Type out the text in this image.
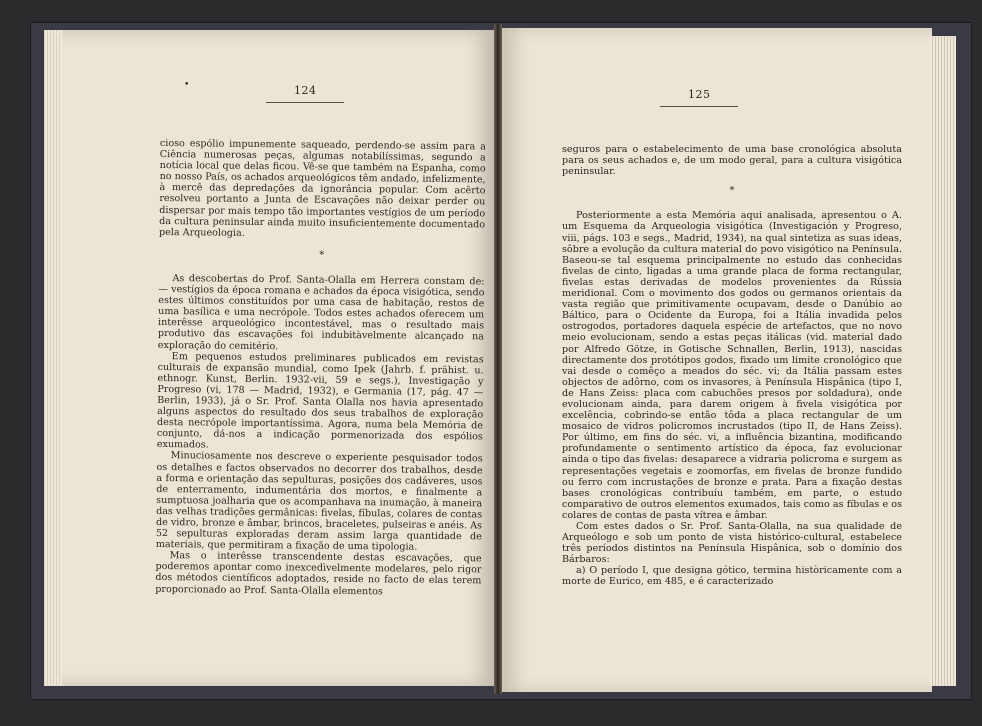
•	124

cioso espólio impunemente saqueado, perdendo-se assim para a Ciência numerosas peças, algumas notabilíssimas, segundo a notícia local que delas ficou. Vê-se que também na Espanha, como no nosso País, os achados arqueológicos têm andado, infelizmente, à mercê das depredações da ignorância popular. Com acêrto resolveu portanto a Junta de Escavações não deixar perder ou dispersar por mais tempo tão importantes vestígios de um período da cultura peninsular ainda muito insuficientemente documentado pela Arqueologia.

*

As descobertas do Prof. Santa-Olalla em Herrera constam de: — vestígios da época romana e achados da época visigótica, sendo estes últimos constituídos por uma casa de habitação, restos de uma basílica e uma necrópole. Todos estes achados oferecem um interêsse arqueológico incontestável, mas o resultado mais produtivo das escavações foi indubitàvelmente alcançado na exploração do cemitério.

Em pequenos estudos preliminares publicados em revistas culturais de expansão mundial, como Ipek (Jahrb. f. prähist. u. ethnogr. Kunst, Berlin. 1932-vii, 59 e segs.), Investigação y Progreso (vi, 178 — Madrid, 1932), e Germania (17, pág. 47 — Berlin, 1933), já o Sr. Prof. Santa Olalla nos havia apresentado alguns aspectos do resultado dos seus trabalhos de exploração desta necrópole importantíssima. Agora, numa bela Memória de conjunto, dá-nos a indicação pormenorizada dos espólios exumados.

Minuciosamente nos descreve o experiente pesquisador todos os detalhes e factos observados no decorrer dos trabalhos, desde a forma e orientação das sepulturas, posições dos cadáveres, usos de enterramento, indumentária dos mortos, e finalmente a sumptuosa joalharia que os acompanhava na inumação, à maneira das velhas tradições germânicas: fivelas, fíbulas, colares de contas de vidro, bronze e âmbar, brincos, braceletes, pulseiras e anéis. As 52 sepulturas exploradas deram assim larga quantidade de materiais, que permitiram a fixação de uma tipologia.

Mas o interêsse transcendente destas escavações, que poderemos apontar como inexcedìvelmente modelares, pelo rigor dos métodos científicos adoptados, reside no facto de elas terem proporcionado ao Prof. Santa-Olalla elementos

125

seguros para o estabelecimento de uma base cronológica absoluta para os seus achados e, de um modo geral, para a cultura visigótica peninsular.

*

Posteriormente a esta Memória aqui analisada, apresentou o A. um Esquema da Arqueologia visigótica (Investigación y Progreso, viii, págs. 103 e segs., Madrid, 1934), na qual sintetiza as suas ideas, sôbre a evolução da cultura material do povo visigótico na Península. Baseou-se tal esquema principalmente no estudo das conhecidas fivelas de cinto, ligadas a uma grande placa de forma rectangular, fivelas estas derivadas de modelos provenientes da Rússia meridional. Com o movimento dos godos ou germanos orientais da vasta região que primitivamente ocupavam, desde o Danúbio ao Báltico, para o Ocidente da Europa, foi a Itália invadida pelos ostrogodos, portadores daquela espécie de artefactos, que no novo meio evolucionam, sendo a estas peças itálicas (vid. material dado por Alfredo Götze, in Gotische Schnallen, Berlin, 1913), nascidas directamente dos protótipos godos, fixado um limite cronológico que vai desde o comêço a meados do séc. vi; da Itália passam estes objectos de adôrno, com os invasores, à Península Hispânica (tipo I, de Hans Zeiss: placa com cabuchões presos por soldadura), onde evolucionam ainda, para darem origem à fivela visigótica por excelência, cobrindo-se então tôda a placa rectangular de um mosaico de vidros policromos incrustados (tipo II, de Hans Zeiss). Por último, em fins do séc. vi, a influência bizantina, modificando profundamente o sentimento artístico da época, faz evolucionar ainda o tipo das fivelas: desaparece a vidraria policroma e surgem as representações vegetais e zoomorfas, em fivelas de bronze fundido ou ferro com incrustações de bronze e prata. Para a fixação destas bases cronológicas contribuíu também, em parte, o estudo comparativo de outros elementos exumados, tais como as fíbulas e os colares de contas de pasta vítrea e âmbar.

Com estes dados o Sr. Prof. Santa-Olalla, na sua qualidade de Arqueólogo e sob um ponto de vista histórico-cultural, estabelece três períodos distintos na Península Hispânica, sob o domínio dos Bárbaros:

a) O período I, que designa gótico, termina històricamente com a morte de Eurico, em 485, e é caracterizado
